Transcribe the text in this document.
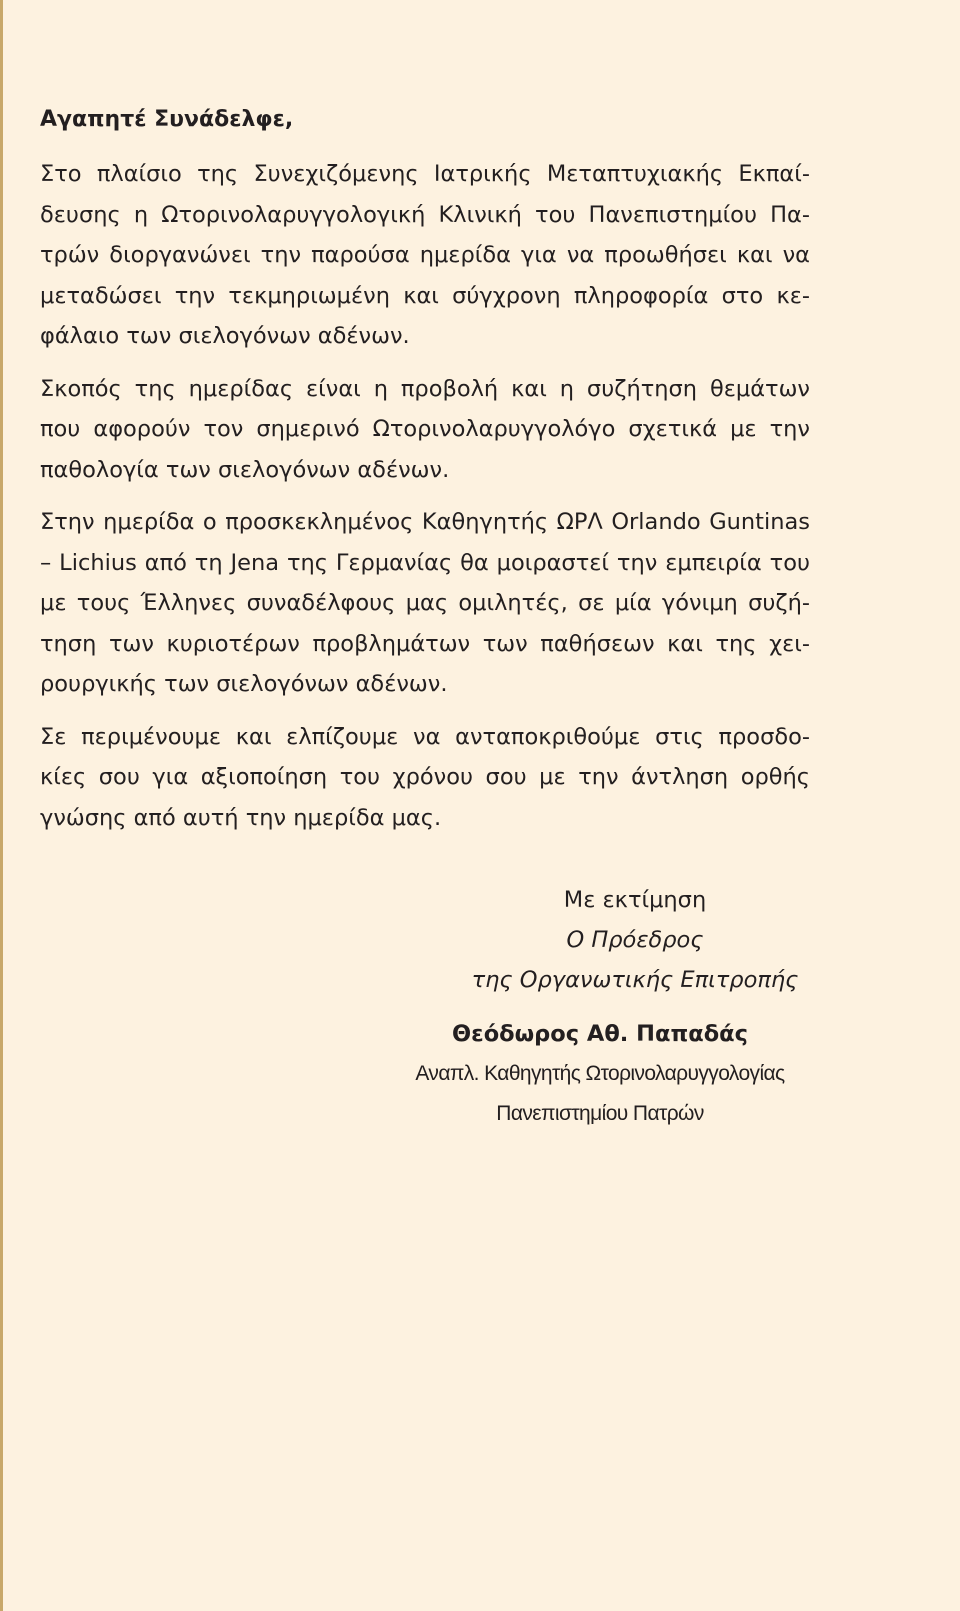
Αγαπητέ Συνάδελφε,
Στο πλαίσιο της Συνεχιζόμενης Ιατρικής Μεταπτυχιακής Εκπαί-
δευσης η Ωτορινολαρυγγολογική Κλινική του Πανεπιστημίου Πα-
τρών διοργανώνει την παρούσα ημερίδα για να προωθήσει και να
μεταδώσει την τεκμηριωμένη και σύγχρονη πληροφορία στο κε-
φάλαιο των σιελογόνων αδένων.
Σκοπός της ημερίδας είναι η προβολή και η συζήτηση θεμάτων
που αφορούν τον σημερινό Ωτορινολαρυγγολόγο σχετικά με την
παθολογία των σιελογόνων αδένων.
Στην ημερίδα ο προσκεκλημένος Καθηγητής ΩΡΛ Orlando Guntinas
– Lichius από τη Jena της Γερμανίας θα μοιραστεί την εμπειρία του
με τους Έλληνες συναδέλφους μας ομιλητές, σε μία γόνιμη συζή-
τηση των κυριοτέρων προβλημάτων των παθήσεων και της χει-
ρουργικής των σιελογόνων αδένων.
Σε περιμένουμε και ελπίζουμε να ανταποκριθούμε στις προσδο-
κίες σου για αξιοποίηση του χρόνου σου με την άντληση ορθής
γνώσης από αυτή την ημερίδα μας.
Με εκτίμηση
Ο Πρόεδρος
της Οργανωτικής Επιτροπής
Θεόδωρος Αθ. Παπαδάς
Αναπλ. Καθηγητής Ωτορινολαρυγγολογίας
Πανεπιστημίου Πατρών
